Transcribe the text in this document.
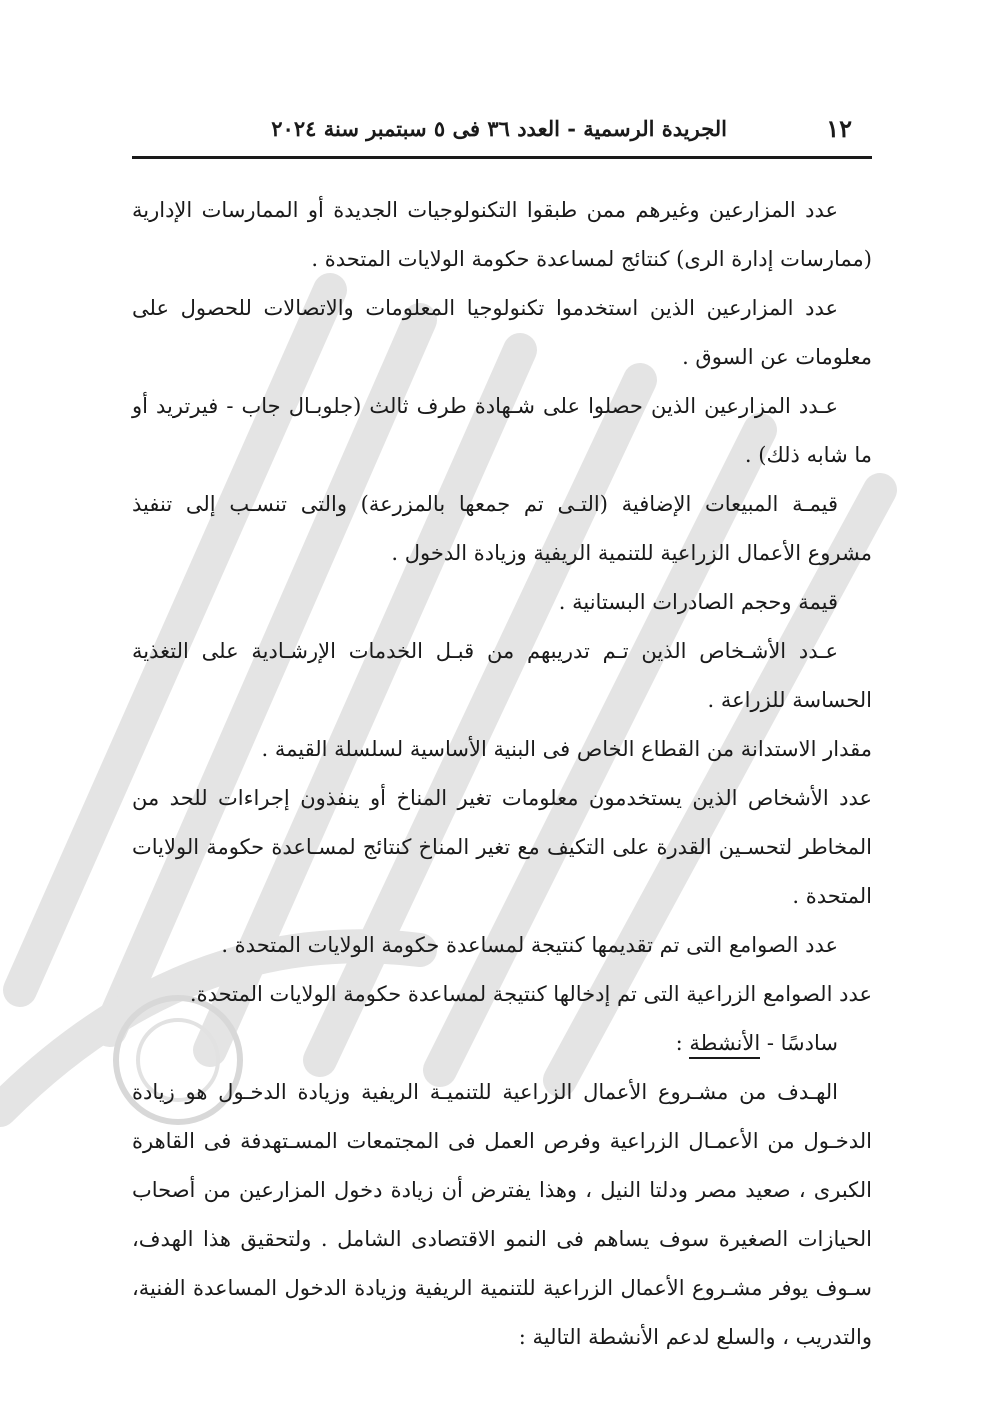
١٢
الجريدة الرسمية - العدد ٣٦ فى ٥ سبتمبر سنة ٢٠٢٤

عدد المزارعين وغيرهم ممن طبقوا التكنولوجيات الجديدة أو الممارسات الإدارية (ممارسات إدارة الرى) كنتائج لمساعدة حكومة الولايات المتحدة .

عدد المزارعين الذين استخدموا تكنولوجيا المعلومات والاتصالات للحصول على معلومات عن السوق .

عـدد المزارعين الذين حصلوا على شـهادة طرف ثالث (جلوبـال جاب - فيرتريد أو ما شابه ذلك) .

قيمـة المبيعات الإضافية (التـى تم جمعها بالمزرعة) والتى تنسـب إلى تنفيذ مشروع الأعمال الزراعية للتنمية الريفية وزيادة الدخول .

قيمة وحجم الصادرات البستانية .

عـدد الأشـخاص الذين تـم تدريبهم من قبـل الخدمات الإرشـادية على التغذية الحساسة للزراعة .

مقدار الاستدانة من القطاع الخاص فى البنية الأساسية لسلسلة القيمة .

عدد الأشخاص الذين يستخدمون معلومات تغير المناخ أو ينفذون إجراءات للحد من المخاطر لتحسـين القدرة على التكيف مع تغير المناخ كنتائج لمسـاعدة حكومة الولايات المتحدة .

عدد الصوامع التى تم تقديمها كنتيجة لمساعدة حكومة الولايات المتحدة .

عدد الصوامع الزراعية التى تم إدخالها كنتيجة لمساعدة حكومة الولايات المتحدة.

سادسًا - الأنشطة :

الهـدف من مشـروع الأعمال الزراعية للتنميـة الريفية وزيادة الدخـول هو زيادة الدخـول من الأعمـال الزراعية وفرص العمل فى المجتمعات المسـتهدفة فى القاهرة الكبرى ، صعيد مصر ودلتا النيل ، وهذا يفترض أن زيادة دخول المزارعين من أصحاب الحيازات الصغيرة سوف يساهم فى النمو الاقتصادى الشامل . ولتحقيق هذا الهدف، سـوف يوفر مشـروع الأعمال الزراعية للتنمية الريفية وزيادة الدخول المساعدة الفنية، والتدريب ، والسلع لدعم الأنشطة التالية :
